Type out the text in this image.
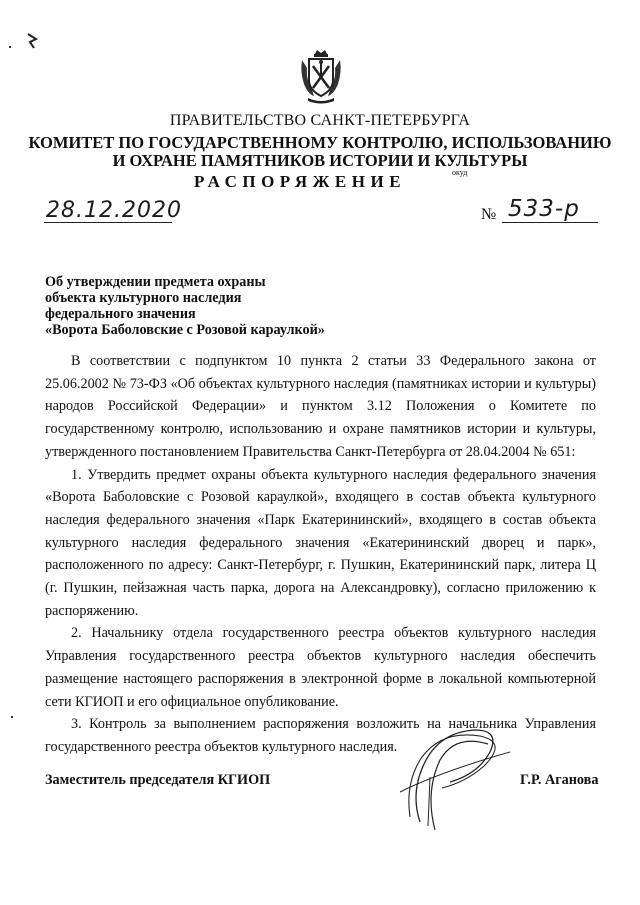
ПРАВИТЕЛЬСТВО САНКТ-ПЕТЕРБУРГА
КОМИТЕТ ПО ГОСУДАРСТВЕННОМУ КОНТРОЛЮ, ИСПОЛЬЗОВАНИЮ
И ОХРАНЕ ПАМЯТНИКОВ ИСТОРИИ И КУЛЬТУРЫ
РАСПОРЯЖЕНИЕ	окуд
28.12.2020	№ 533-р
Об утверждении предмета охраны
объекта культурного наследия
федерального значения
«Ворота Баболовские с Розовой караулкой»

В соответствии с подпунктом 10 пункта 2 статьи 33 Федерального закона от 25.06.2002 № 73-ФЗ «Об объектах культурного наследия (памятниках истории и культуры) народов Российской Федерации» и пунктом 3.12 Положения о Комитете по государственному контролю, использованию и охране памятников истории и культуры, утвержденного постановлением Правительства Санкт-Петербурга от 28.04.2004 № 651:

1. Утвердить предмет охраны объекта культурного наследия федерального значения «Ворота Баболовские с Розовой караулкой», входящего в состав объекта культурного наследия федерального значения «Парк Екатерининский», входящего в состав объекта культурного наследия федерального значения «Екатерининский дворец и парк», расположенного по адресу: Санкт-Петербург, г. Пушкин, Екатерининский парк, литера Ц (г. Пушкин, пейзажная часть парка, дорога на Александровку), согласно приложению к распоряжению.

2. Начальнику отдела государственного реестра объектов культурного наследия Управления государственного реестра объектов культурного наследия обеспечить размещение настоящего распоряжения в электронной форме в локальной компьютерной сети КГИОП и его официальное опубликование.

3. Контроль за выполнением распоряжения возложить на начальника Управления государственного реестра объектов культурного наследия.

Заместитель председателя КГИОП	Г.Р. Аганова
